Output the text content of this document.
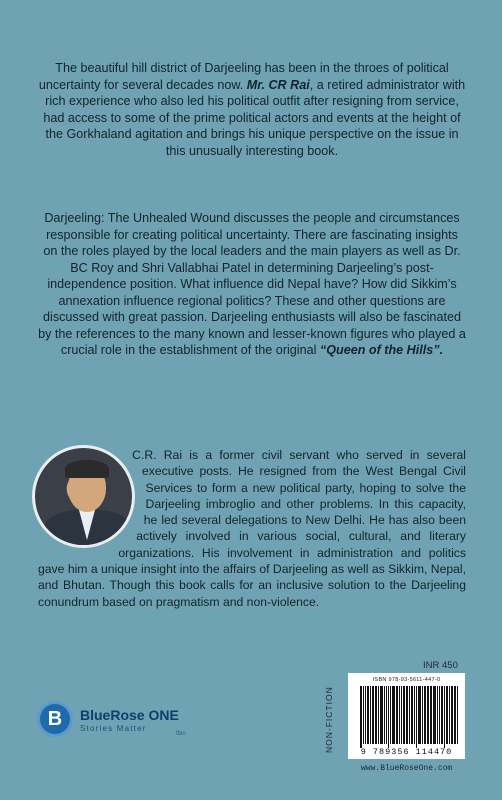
The beautiful hill district of Darjeeling has been in the throes of political uncertainty for several decades now. Mr. CR Rai, a retired administrator with rich experience who also led his political outfit after resigning from service, had access to some of the prime political actors and events at the height of the Gorkhaland agitation and brings his unique perspective on the issue in this unusually interesting book.
Darjeeling: The Unhealed Wound discusses the people and circumstances responsible for creating political uncertainty. There are fascinating insights on the roles played by the local leaders and the main players as well as Dr. BC Roy and Shri Vallabhai Patel in determining Darjeeling’s post-independence position. What influence did Nepal have? How did Sikkim’s annexation influence regional politics? These and other questions are discussed with great passion. Darjeeling enthusiasts will also be fascinated by the references to the many known and lesser-known figures who played a crucial role in the establishment of the original “Queen of the Hills”.
C.R. Rai is a former civil servant who served in several executive posts. He resigned from the West Bengal Civil Services to form a new political party, hoping to solve the Darjeeling imbroglio and other problems. In this capacity, he led several delegations to New Delhi. He has also been actively involved in various social, cultural, and literary organizations. His involvement in administration and politics gave him a unique insight into the affairs of Darjeeling as well as Sikkim, Nepal, and Bhutan. Though this book calls for an inclusive solution to the Darjeeling conundrum based on pragmatism and non-violence.
B	BlueRose ONE
Stories Matter
fbin
INR 450
NON-FICTION
ISBN 978-93-5611-447-0
9 789356 114470
www.BlueRoseOne.com
